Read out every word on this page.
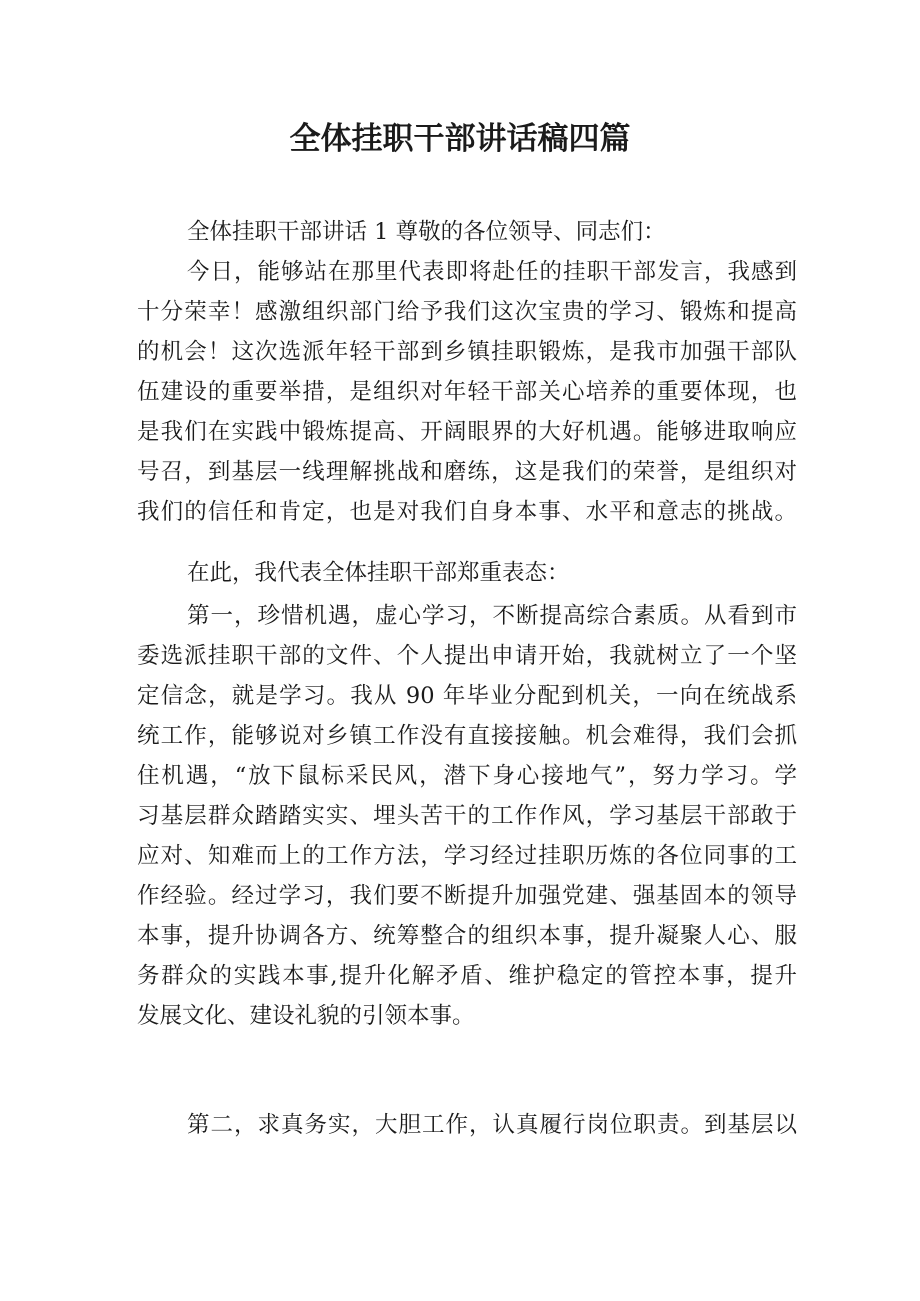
全体挂职干部讲话稿四篇
全体挂职干部讲话 1 尊敬的各位领导、同志们：
今日，能够站在那里代表即将赴任的挂职干部发言，我感到
十分荣幸！感激组织部门给予我们这次宝贵的学习、锻炼和提高
的机会！这次选派年轻干部到乡镇挂职锻炼，是我市加强干部队
伍建设的重要举措，是组织对年轻干部关心培养的重要体现，也
是我们在实践中锻炼提高、开阔眼界的大好机遇。能够进取响应
号召，到基层一线理解挑战和磨练，这是我们的荣誉，是组织对
我们的信任和肯定，也是对我们自身本事、水平和意志的挑战。
在此，我代表全体挂职干部郑重表态：
第一，珍惜机遇，虚心学习，不断提高综合素质。从看到市
委选派挂职干部的文件、个人提出申请开始，我就树立了一个坚
定信念，就是学习。我从 90 年毕业分配到机关，一向在统战系
统工作，能够说对乡镇工作没有直接接触。机会难得，我们会抓
住机遇，“放下鼠标采民风，潜下身心接地气”，努力学习。学
习基层群众踏踏实实、埋头苦干的工作作风，学习基层干部敢于
应对、知难而上的工作方法，学习经过挂职历炼的各位同事的工
作经验。经过学习，我们要不断提升加强党建、强基固本的领导
本事，提升协调各方、统筹整合的组织本事，提升凝聚人心、服
务群众的实践本事,提升化解矛盾、维护稳定的管控本事，提升
发展文化、建设礼貌的引领本事。
第二，求真务实，大胆工作，认真履行岗位职责。到基层以
